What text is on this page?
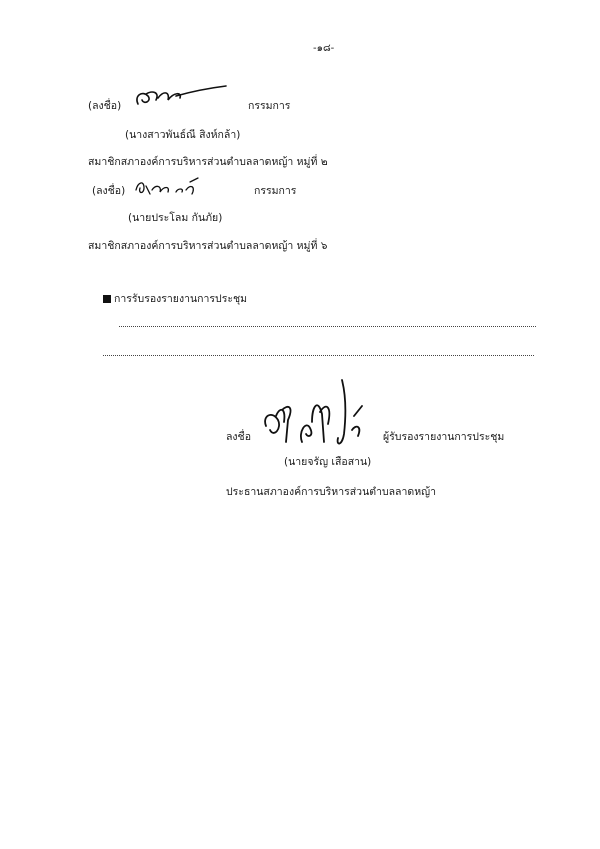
-๑๘-
(ลงชื่อ)	กรรมการ
(นางสาวพันธ์ณี สิงห์กล้า)
สมาชิกสภาองค์การบริหารส่วนตำบลลาดหญ้า หมู่ที่ ๒
(ลงชื่อ)	กรรมการ
(นายประโลม กันภัย)
สมาชิกสภาองค์การบริหารส่วนตำบลลาดหญ้า หมู่ที่ ๖
การรับรองรายงานการประชุม
ลงชื่อ	ผู้รับรองรายงานการประชุม
(นายจรัญ เสือสาน)
ประธานสภาองค์การบริหารส่วนตำบลลาดหญ้า
